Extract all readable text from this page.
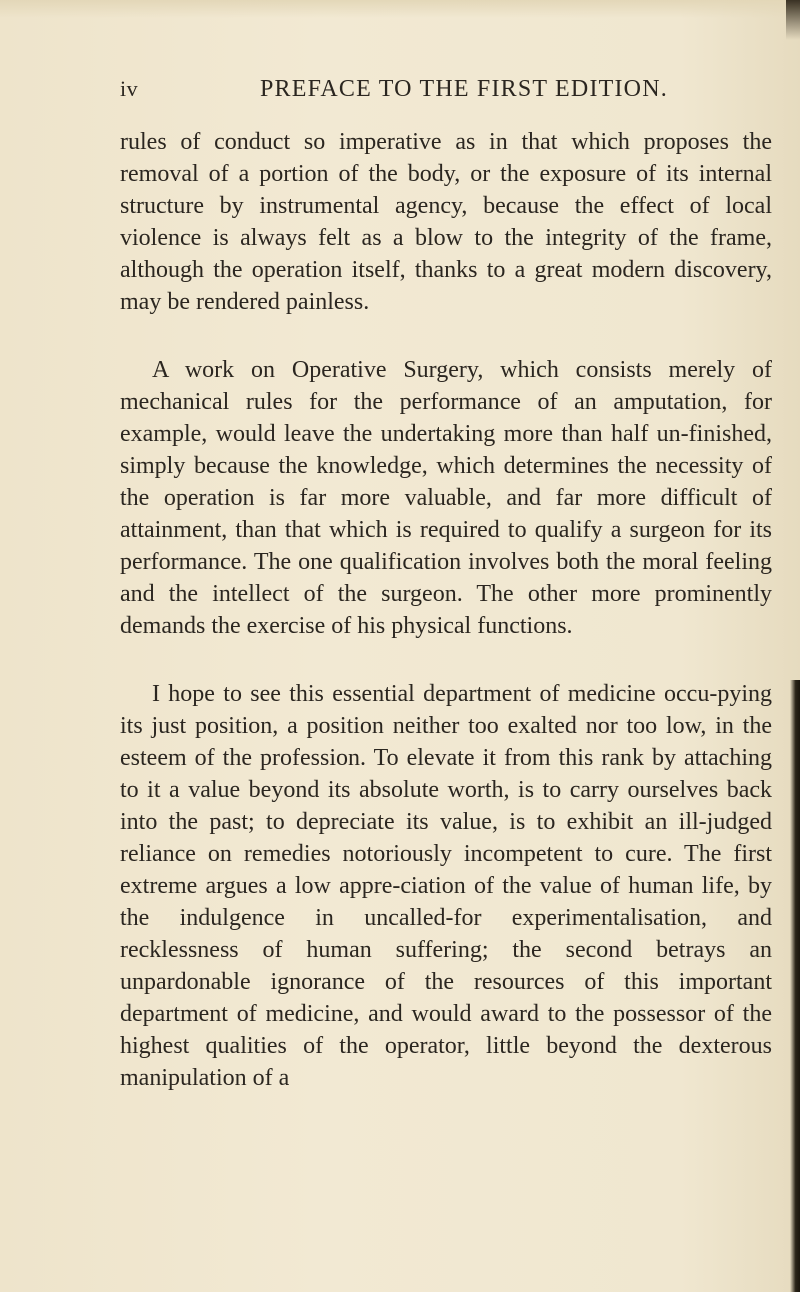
iv	PREFACE TO THE FIRST EDITION.

rules of conduct so imperative as in that which proposes the removal of a portion of the body, or the exposure of its internal structure by instrumental agency, because the effect of local violence is always felt as a blow to the integrity of the frame, although the operation itself, thanks to a great modern discovery, may be rendered painless.

A work on Operative Surgery, which consists merely of mechanical rules for the performance of an amputation, for example, would leave the undertaking more than half un-finished, simply because the knowledge, which determines the necessity of the operation is far more valuable, and far more difficult of attainment, than that which is required to qualify a surgeon for its performance. The one qualification involves both the moral feeling and the intellect of the surgeon. The other more prominently demands the exercise of his physical functions.

I hope to see this essential department of medicine occu-pying its just position, a position neither too exalted nor too low, in the esteem of the profession. To elevate it from this rank by attaching to it a value beyond its absolute worth, is to carry ourselves back into the past; to depreciate its value, is to exhibit an ill-judged reliance on remedies notoriously incompetent to cure. The first extreme argues a low appre-ciation of the value of human life, by the indulgence in uncalled-for experimentalisation, and recklessness of human suffering; the second betrays an unpardonable ignorance of the resources of this important department of medicine, and would award to the possessor of the highest qualities of the operator, little beyond the dexterous manipulation of a
